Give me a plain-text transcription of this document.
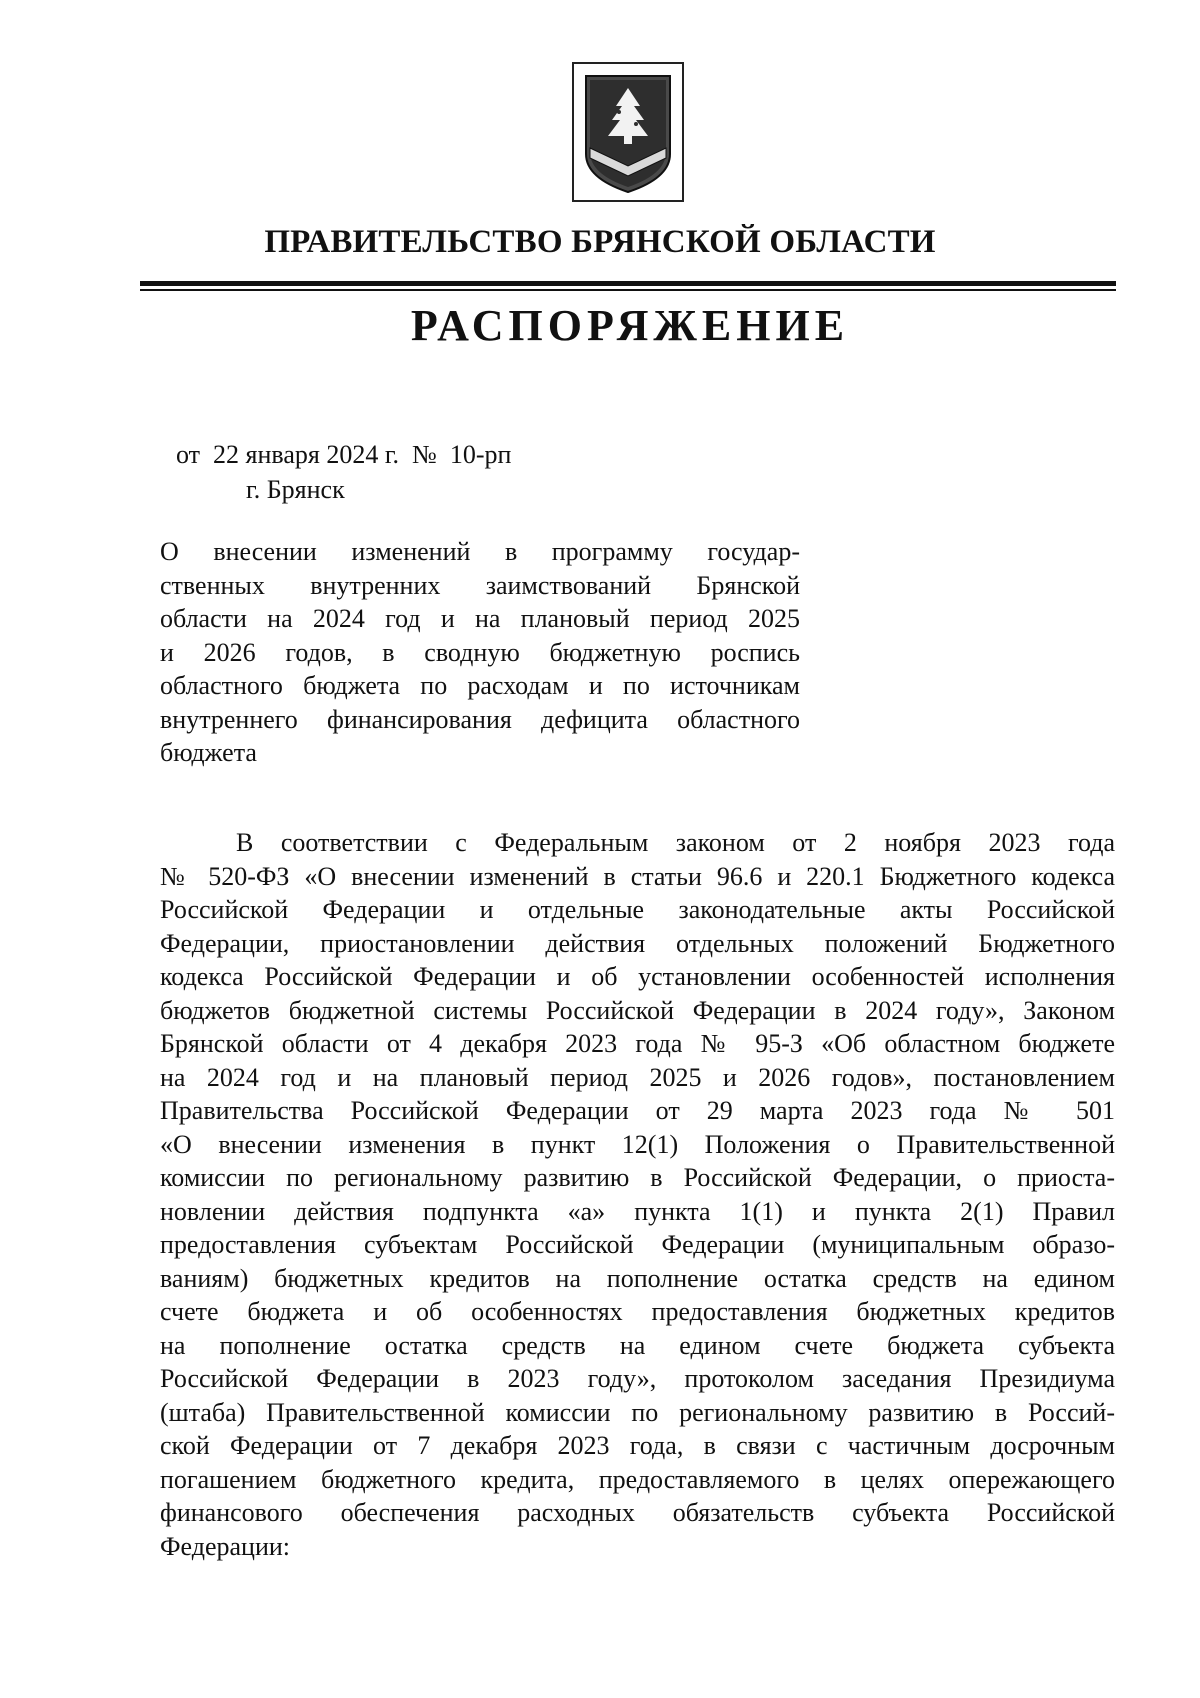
ПРАВИТЕЛЬСТВО БРЯНСКОЙ ОБЛАСТИ
РАСПОРЯЖЕНИЕ
от  22 января 2024 г.  №  10-рп
г. Брянск
О внесении изменений в программу государ-
ственных внутренних заимствований Брянской
области на 2024 год и на плановый период 2025
и 2026 годов, в сводную бюджетную роспись
областного бюджета по расходам и по источникам
внутреннего финансирования дефицита областного
бюджета
В соответствии с Федеральным законом от 2 ноября 2023 года
№ 520-ФЗ «О внесении изменений в статьи 96.6 и 220.1 Бюджетного кодекса
Российской Федерации и отдельные законодательные акты Российской
Федерации, приостановлении действия отдельных положений Бюджетного
кодекса Российской Федерации и об установлении особенностей исполнения
бюджетов бюджетной системы Российской Федерации в 2024 году», Законом
Брянской области от 4 декабря 2023 года № 95-З «Об областном бюджете
на 2024 год и на плановый период 2025 и 2026 годов», постановлением
Правительства Российской Федерации от 29 марта 2023 года № 501
«О внесении изменения в пункт 12(1) Положения о Правительственной
комиссии по региональному развитию в Российской Федерации, о приоста-
новлении действия подпункта «а» пункта 1(1) и пункта 2(1) Правил
предоставления субъектам Российской Федерации (муниципальным образо-
ваниям) бюджетных кредитов на пополнение остатка средств на едином
счете бюджета и об особенностях предоставления бюджетных кредитов
на пополнение остатка средств на едином счете бюджета субъекта
Российской Федерации в 2023 году», протоколом заседания Президиума
(штаба) Правительственной комиссии по региональному развитию в Россий-
ской Федерации от 7 декабря 2023 года, в связи с частичным досрочным
погашением бюджетного кредита, предоставляемого в целях опережающего
финансового обеспечения расходных обязательств субъекта Российской
Федерации:
